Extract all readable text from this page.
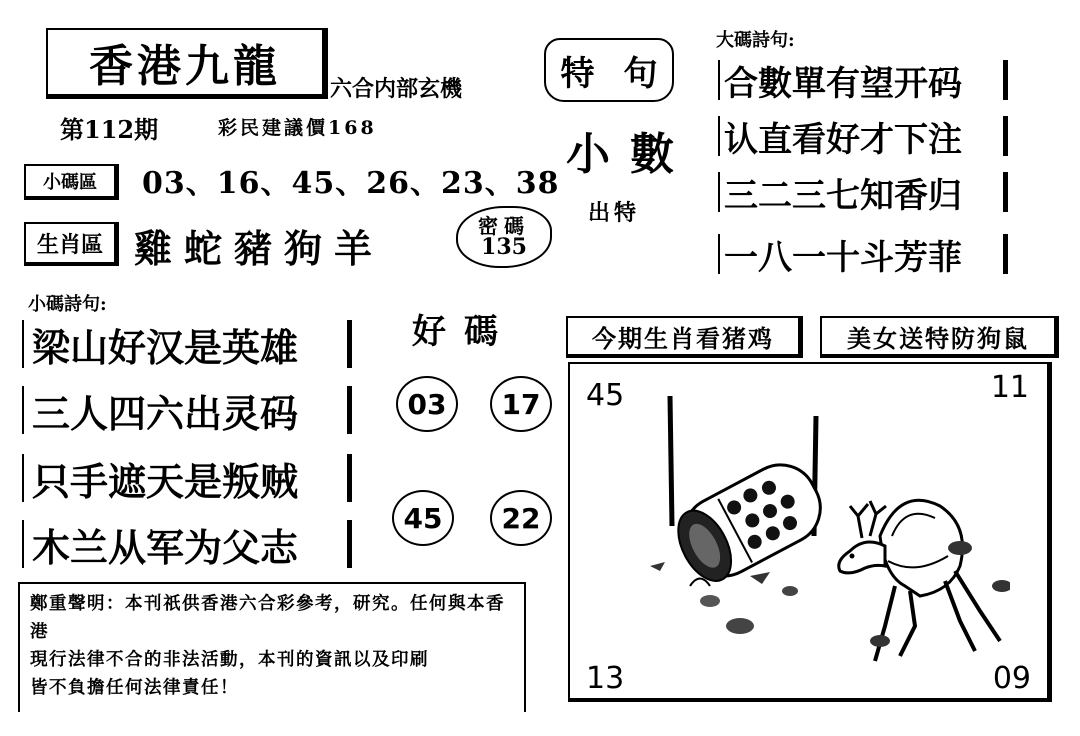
香港九龍	六合内部玄機
第112期	彩民建議價168
小碼區	03、16、45、26、23、38
生肖區 雞蛇豬狗羊	密碼
135
特 句
小數
出特
大碼詩句:
合數單有望开码
认直看好才下注
三二三七知香归
一八一十斗芳菲
小碼詩句:
梁山好汉是英雄
三人四六出灵码
只手遮天是叛贼
木兰从军为父志
好碼
03	17
45	22
今期生肖看猪鸡	美女送特防狗鼠
45	11
13	09
鄭重聲明：本刊祇供香港六合彩參考，研究。任何與本香港
現行法律不合的非法活動，本刊的資訊以及印刷
皆不負擔任何法律責任！
